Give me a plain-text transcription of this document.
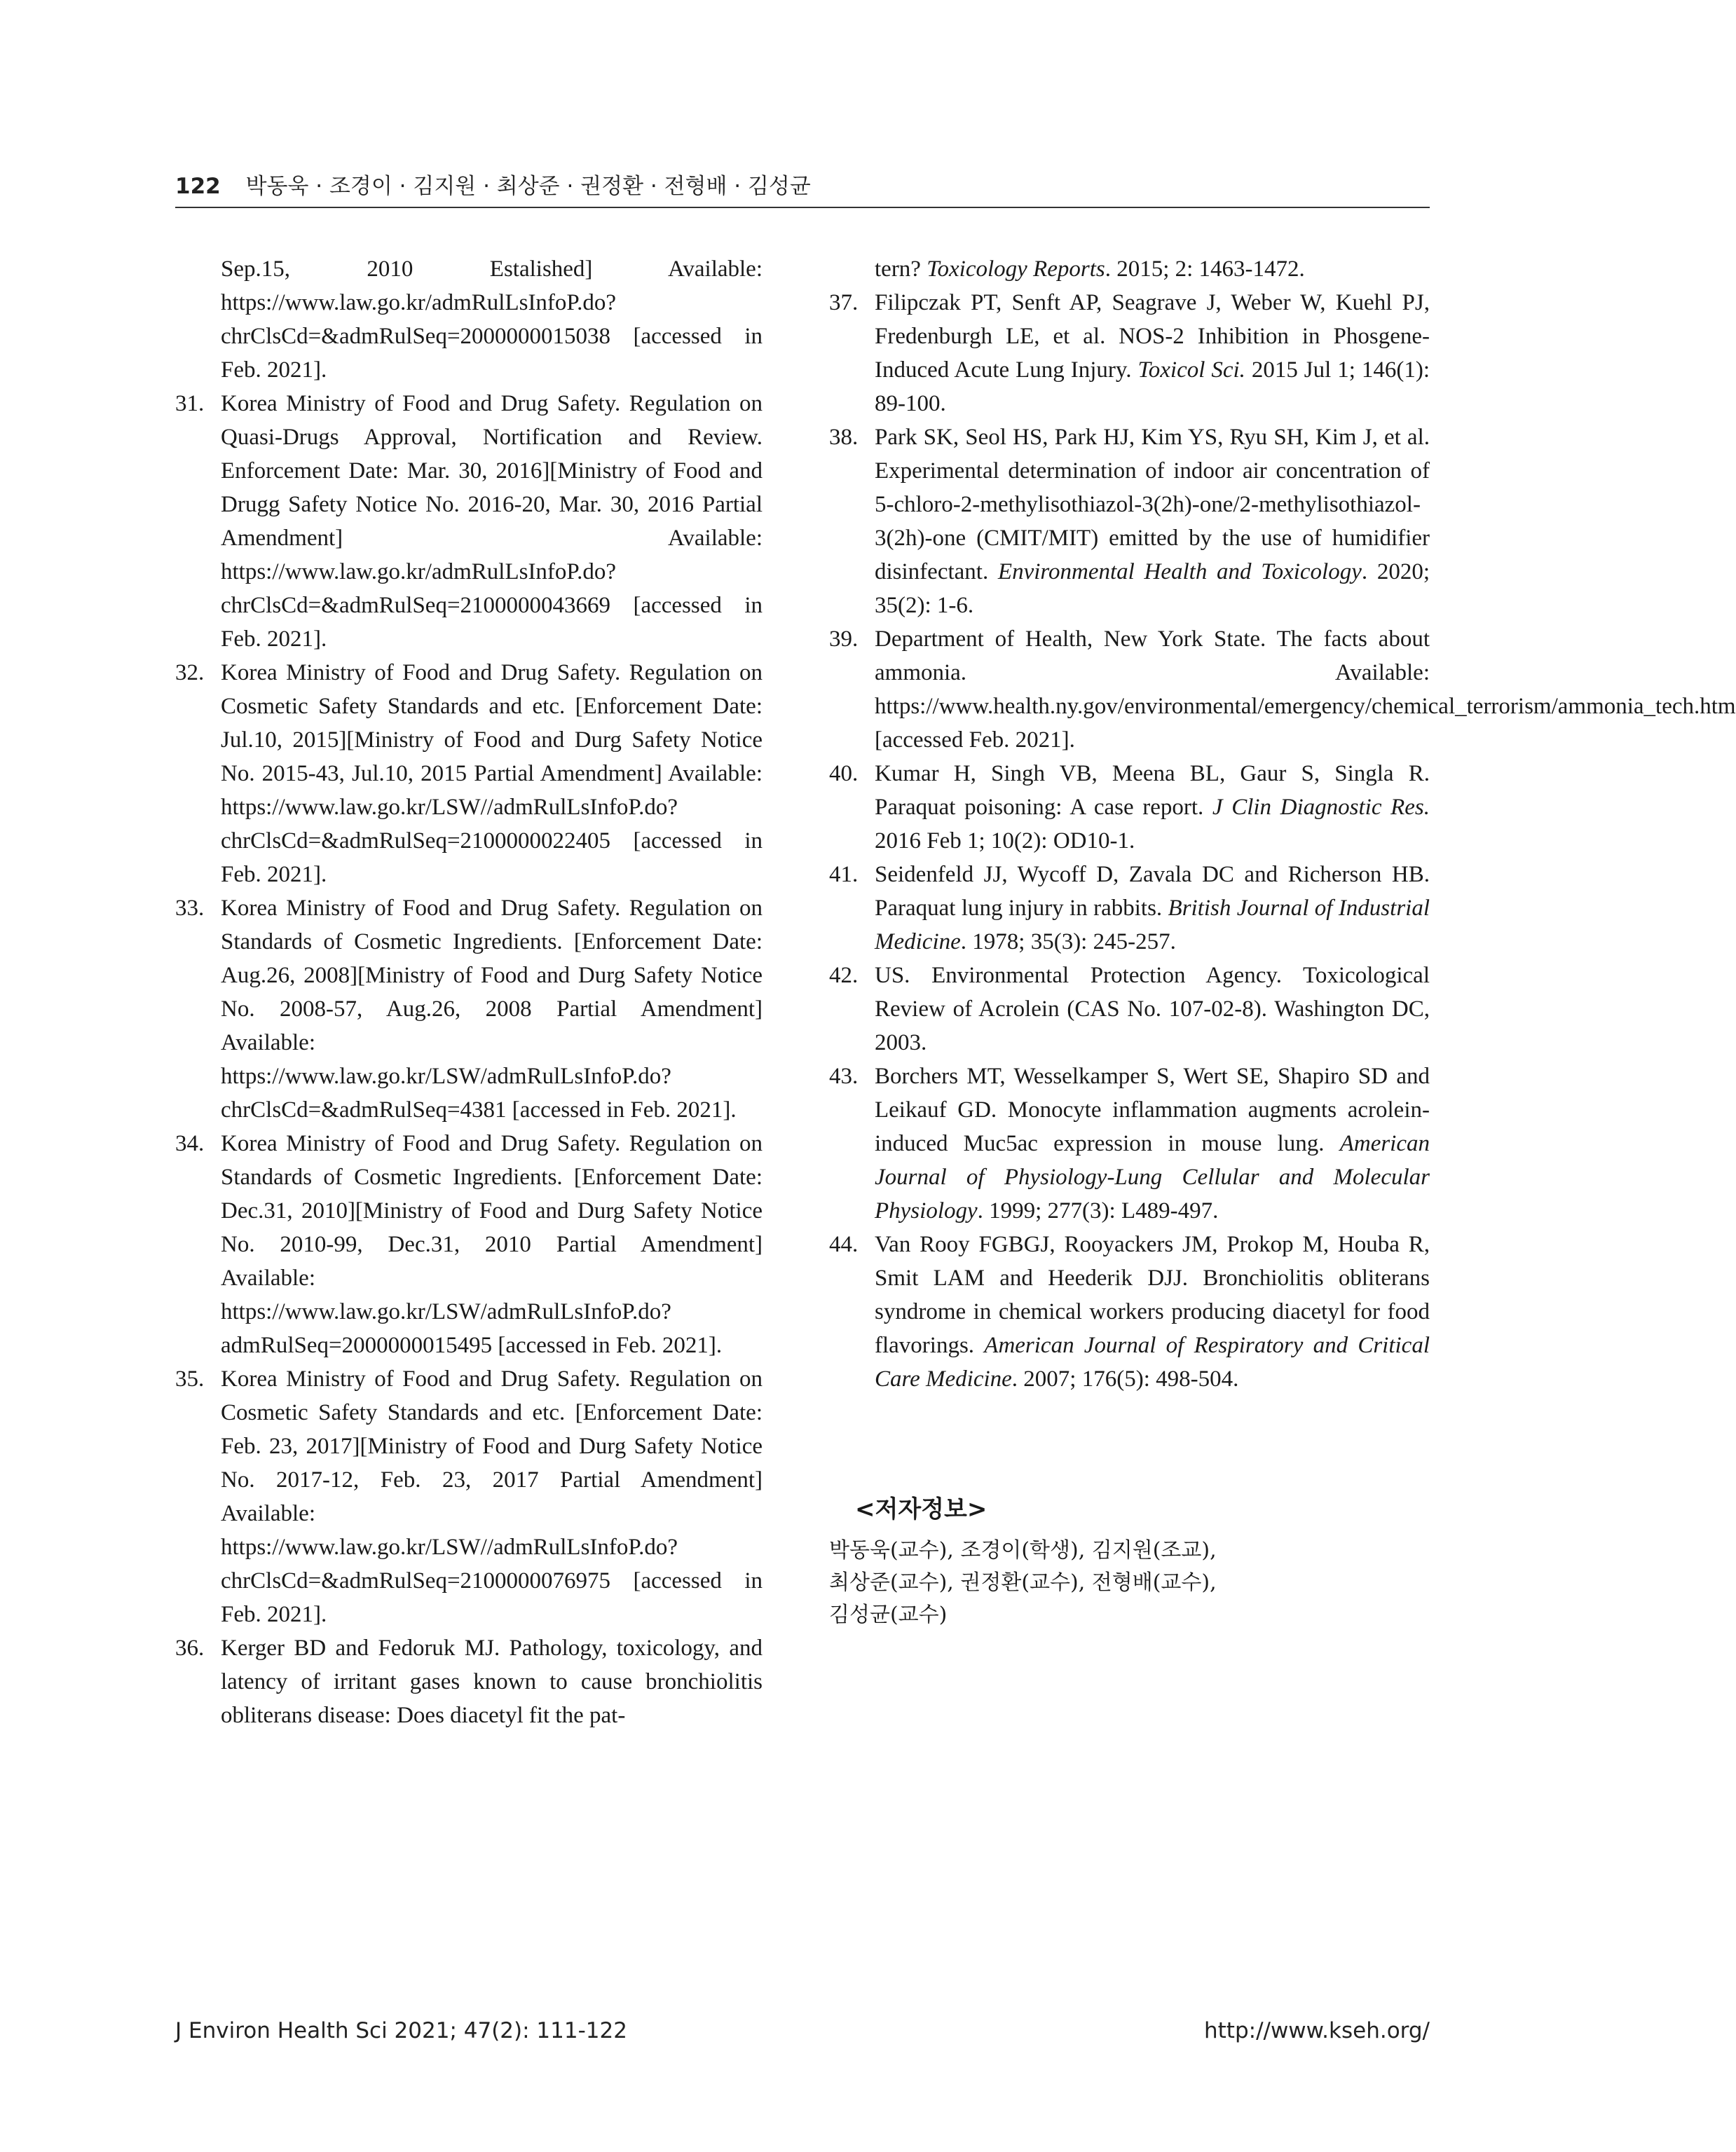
122 박동욱 · 조경이 · 김지원 · 최상준 · 권정환 · 전형배 · 김성균
Sep.15, 2010 Estalished] Available: https://www.law.go.kr/admRulLsInfoP.do?chrClsCd=&admRulSeq=2000000015038 [accessed in Feb. 2021].
31. Korea Ministry of Food and Drug Safety. Regulation on Quasi-Drugs Approval, Nortification and Review. Enforcement Date: Mar. 30, 2016][Ministry of Food and Drugg Safety Notice No. 2016-20, Mar. 30, 2016 Partial Amendment] Available: https://www.law.go.kr/admRulLsInfoP.do?chrClsCd=&admRulSeq=2100000043669 [accessed in Feb. 2021].
32. Korea Ministry of Food and Drug Safety. Regulation on Cosmetic Safety Standards and etc. [Enforcement Date: Jul.10, 2015][Ministry of Food and Durg Safety Notice No. 2015-43, Jul.10, 2015 Partial Amendment] Available: https://www.law.go.kr/LSW//admRulLsInfoP.do?chrClsCd=&admRulSeq=2100000022405 [accessed in Feb. 2021].
33. Korea Ministry of Food and Drug Safety. Regulation on Standards of Cosmetic Ingredients. [Enforcement Date: Aug.26, 2008][Ministry of Food and Durg Safety Notice No. 2008-57, Aug.26, 2008 Partial Amendment] Available: https://www.law.go.kr/LSW/admRulLsInfoP.do?chrClsCd=&admRulSeq=4381 [accessed in Feb. 2021].
34. Korea Ministry of Food and Drug Safety. Regulation on Standards of Cosmetic Ingredients. [Enforcement Date: Dec.31, 2010][Ministry of Food and Durg Safety Notice No. 2010-99, Dec.31, 2010 Partial Amendment] Available: https://www.law.go.kr/LSW/admRulLsInfoP.do?admRulSeq=2000000015495 [accessed in Feb. 2021].
35. Korea Ministry of Food and Drug Safety. Regulation on Cosmetic Safety Standards and etc. [Enforcement Date: Feb. 23, 2017][Ministry of Food and Durg Safety Notice No. 2017-12, Feb. 23, 2017 Partial Amendment] Available: https://www.law.go.kr/LSW//admRulLsInfoP.do?chrClsCd=&admRulSeq=2100000076975 [accessed in Feb. 2021].
36. Kerger BD and Fedoruk MJ. Pathology, toxicology, and latency of irritant gases known to cause bronchiolitis obliterans disease: Does diacetyl fit the pat-
tern? Toxicology Reports. 2015; 2: 1463-1472.
37. Filipczak PT, Senft AP, Seagrave J, Weber W, Kuehl PJ, Fredenburgh LE, et al. NOS-2 Inhibition in Phosgene-Induced Acute Lung Injury. Toxicol Sci. 2015 Jul 1; 146(1): 89-100.
38. Park SK, Seol HS, Park HJ, Kim YS, Ryu SH, Kim J, et al. Experimental determination of indoor air concentration of 5-chloro-2-methylisothiazol-3(2h)-one/2-methylisothiazol-3(2h)-one (CMIT/MIT) emitted by the use of humidifier disinfectant. Environmental Health and Toxicology. 2020; 35(2): 1-6.
39. Department of Health, New York State. The facts about ammonia. Available: https://www.health.ny.gov/environmental/emergency/chemical_terrorism/ammonia_tech.htm [accessed Feb. 2021].
40. Kumar H, Singh VB, Meena BL, Gaur S, Singla R. Paraquat poisoning: A case report. J Clin Diagnostic Res. 2016 Feb 1; 10(2): OD10-1.
41. Seidenfeld JJ, Wycoff D, Zavala DC and Richerson HB. Paraquat lung injury in rabbits. British Journal of Industrial Medicine. 1978; 35(3): 245-257.
42. US. Environmental Protection Agency. Toxicological Review of Acrolein (CAS No. 107-02-8). Washington DC, 2003.
43. Borchers MT, Wesselkamper S, Wert SE, Shapiro SD and Leikauf GD. Monocyte inflammation augments acrolein-induced Muc5ac expression in mouse lung. American Journal of Physiology-Lung Cellular and Molecular Physiology. 1999; 277(3): L489-497.
44. Van Rooy FGBGJ, Rooyackers JM, Prokop M, Houba R, Smit LAM and Heederik DJJ. Bronchiolitis obliterans syndrome in chemical workers producing diacetyl for food flavorings. American Journal of Respiratory and Critical Care Medicine. 2007; 176(5): 498-504.
<저자정보>
박동욱(교수), 조경이(학생), 김지원(조교),
최상준(교수), 권정환(교수), 전형배(교수),
김성균(교수)
J Environ Health Sci 2021; 47(2): 111-122	http://www.kseh.org/
